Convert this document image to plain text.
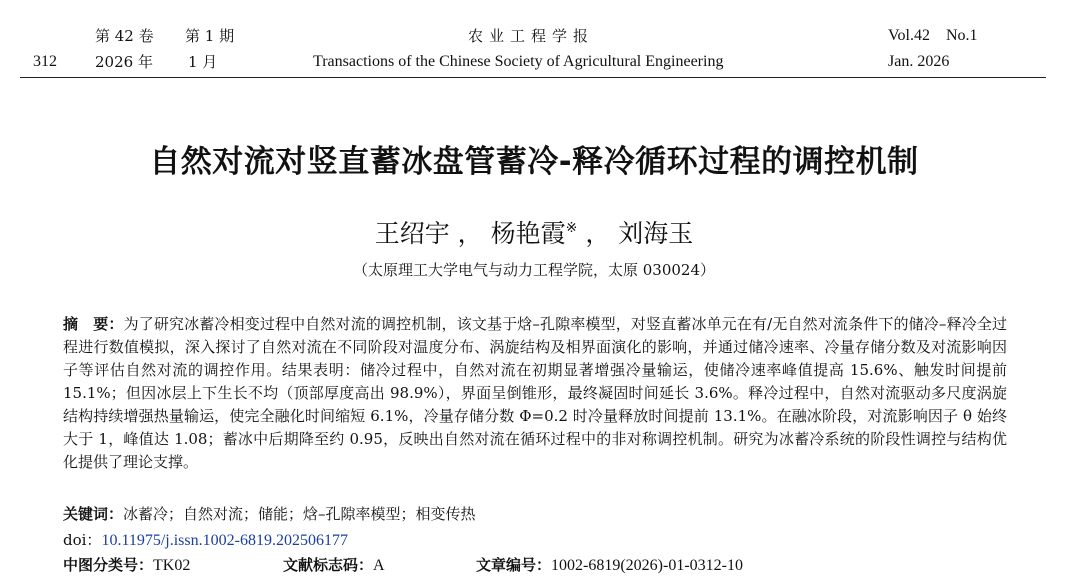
第 42 卷 第 1 期	农业工程学报	Vol.42    No.1
312	2026 年 1 月	Transactions of the Chinese Society of Agricultural Engineering	Jan. 2026
自然对流对竖直蓄冰盘管蓄冷-释冷循环过程的调控机制
王绍宇 ， 杨艳霞※ ， 刘海玉
（太原理工大学电气与动力工程学院，太原 030024）
摘　要：为了研究冰蓄冷相变过程中自然对流的调控机制，该文基于焓–孔隙率模型，对竖直蓄冰单元在有/无自然对流条件下的储冷–释冷全过程进行数值模拟，深入探讨了自然对流在不同阶段对温度分布、涡旋结构及相界面演化的影响，并通过储冷速率、冷量存储分数及对流影响因子等评估自然对流的调控作用。结果表明：储冷过程中，自然对流在初期显著增强冷量输运，使储冷速率峰值提高 15.6%、触发时间提前 15.1%；但因冰层上下生长不均（顶部厚度高出 98.9%），界面呈倒锥形，最终凝固时间延长 3.6%。释冷过程中，自然对流驱动多尺度涡旋结构持续增强热量输运，使完全融化时间缩短 6.1%，冷量存储分数 Φ=0.2 时冷量释放时间提前 13.1%。在融冰阶段，对流影响因子 θ 始终大于 1，峰值达 1.08；蓄冰中后期降至约 0.95，反映出自然对流在循环过程中的非对称调控机制。研究为冰蓄冷系统的阶段性调控与结构优化提供了理论支撑。
关键词：冰蓄冷；自然对流；储能；焓–孔隙率模型；相变传热
doi：10.11975/j.issn.1002-6819.202506177
中图分类号：TK02	文献标志码：A	文章编号：1002-6819(2026)-01-0312-10
